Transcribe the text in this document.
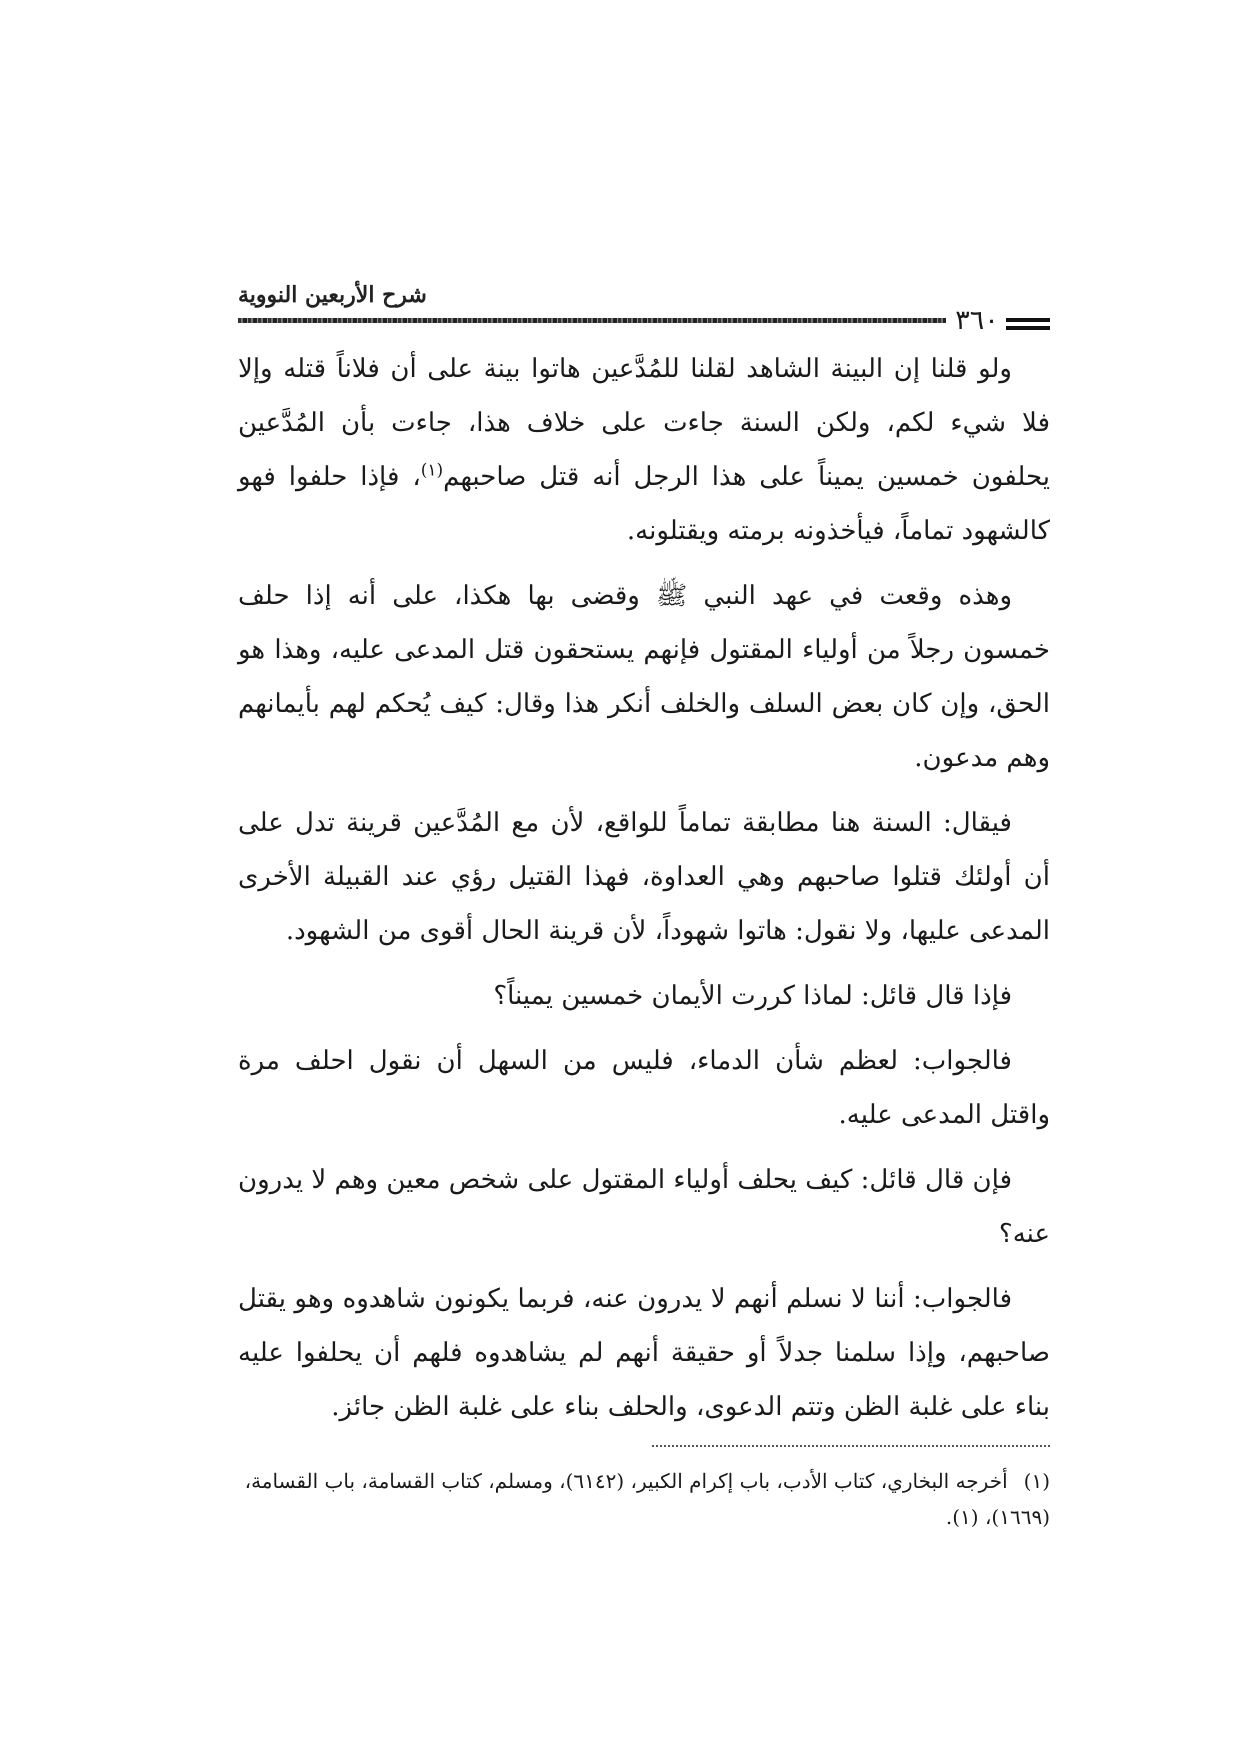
شرح الأربعين النووية
٣٦٠

ولو قلنا إن البينة الشاهد لقلنا للمُدَّعين هاتوا بينة على أن فلاناً قتله وإلا فلا شيء لكم، ولكن السنة جاءت على خلاف هذا، جاءت بأن المُدَّعين يحلفون خمسين يميناً على هذا الرجل أنه قتل صاحبهم$^{(١)}$، فإذا حلفوا فهو كالشهود تماماً، فيأخذونه برمته ويقتلونه.

وهذه وقعت في عهد النبي ﷺ وقضى بها هكذا، على أنه إذا حلف خمسون رجلاً من أولياء المقتول فإنهم يستحقون قتل المدعى عليه، وهذا هو الحق، وإن كان بعض السلف والخلف أنكر هذا وقال: كيف يُحكم لهم بأيمانهم وهم مدعون.

فيقال: السنة هنا مطابقة تماماً للواقع، لأن مع المُدَّعين قرينة تدل على أن أولئك قتلوا صاحبهم وهي العداوة، فهذا القتيل رؤي عند القبيلة الأخرى المدعى عليها، ولا نقول: هاتوا شهوداً، لأن قرينة الحال أقوى من الشهود.

فإذا قال قائل: لماذا كررت الأيمان خمسين يميناً؟

فالجواب: لعظم شأن الدماء، فليس من السهل أن نقول احلف مرة واقتل المدعى عليه.

فإن قال قائل: كيف يحلف أولياء المقتول على شخص معين وهم لا يدرون عنه؟

فالجواب: أننا لا نسلم أنهم لا يدرون عنه، فربما يكونون شاهدوه وهو يقتل صاحبهم، وإذا سلمنا جدلاً أو حقيقة أنهم لم يشاهدوه فلهم أن يحلفوا عليه بناء على غلبة الظن وتتم الدعوى، والحلف بناء على غلبة الظن جائز.

(١)أخرجه البخاري، كتاب الأدب، باب إكرام الكبير، (٦١٤٢)، ومسلم، كتاب القسامة، باب القسامة، (١٦٦٩)، (١).
